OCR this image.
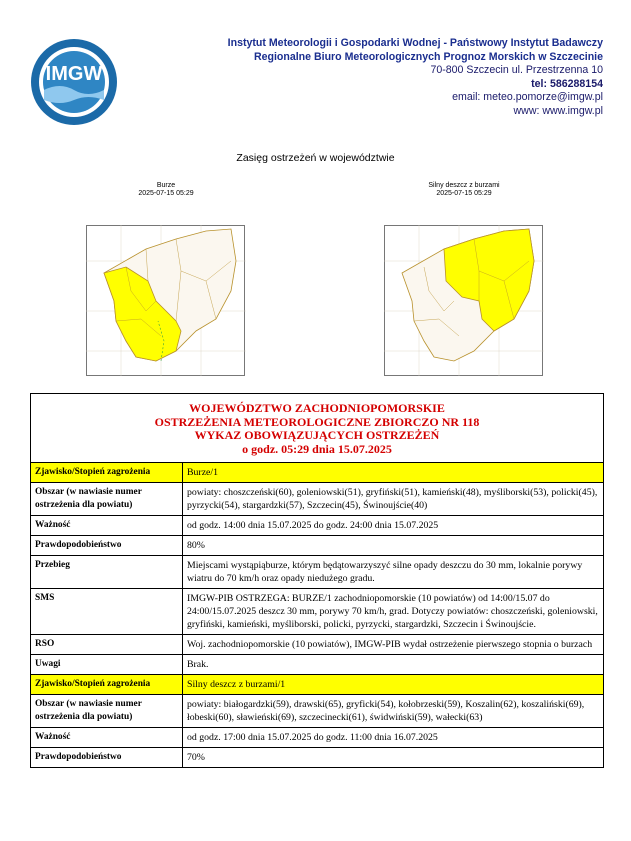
IMGW
Instytut Meteorologii i Gospodarki Wodnej - Państwowy Instytut Badawczy
Regionalne Biuro Meteorologicznych Prognoz Morskich w Szczecinie
70-800 Szczecin ul. Przestrzenna 10
tel: 586288154
email: meteo.pomorze@imgw.pl
www: www.imgw.pl
Zasięg ostrzeżeń w województwie
Burze
2025-07-15 05:29
Silny deszcz z burzami
2025-07-15 05:29
WOJEWÓDZTWO ZACHODNIOPOMORSKIE
OSTRZEŻENIA METEOROLOGICZNE ZBIORCZO NR 118
WYKAZ OBOWIĄZUJĄCYCH OSTRZEŻEŃ
o godz. 05:29 dnia 15.07.2025	

Zjawisko/Stopień zagrożenia	Burze/1
Obszar (w nawiasie numer ostrzeżenia dla powiatu)	powiaty: choszczeński(60), goleniowski(51), gryfiński(51), kamieński(48), myśliborski(53), policki(45), pyrzycki(54), stargardzki(57), Szczecin(45), Świnoujście(40)
Ważność	od godz. 14:00 dnia 15.07.2025 do godz. 24:00 dnia 15.07.2025
Prawdopodobieństwo	80%
Przebieg	Miejscami wystąpiąburze, którym będątowarzyszyć silne opady deszczu do 30 mm, lokalnie porywy wiatru do 70 km/h oraz opady niedużego gradu.
SMS	IMGW-PIB OSTRZEGA: BURZE/1 zachodniopomorskie (10 powiatów) od 14:00/15.07 do 24:00/15.07.2025 deszcz 30 mm, porywy 70 km/h, grad. Dotyczy powiatów: choszczeński, goleniowski, gryfiński, kamieński, myśliborski, policki, pyrzycki, stargardzki, Szczecin i Świnoujście.
RSO	Woj. zachodniopomorskie (10 powiatów), IMGW-PIB wydał ostrzeżenie pierwszego stopnia o burzach
Uwagi	Brak.
Zjawisko/Stopień zagrożenia	Silny deszcz z burzami/1
Obszar (w nawiasie numer ostrzeżenia dla powiatu)	powiaty: białogardzki(59), drawski(65), gryficki(54), kołobrzeski(59), Koszalin(62), koszaliński(69), łobeski(60), sławieński(69), szczecinecki(61), świdwiński(59), wałecki(63)
Ważność	od godz. 17:00 dnia 15.07.2025 do godz. 11:00 dnia 16.07.2025
Prawdopodobieństwo	70%
